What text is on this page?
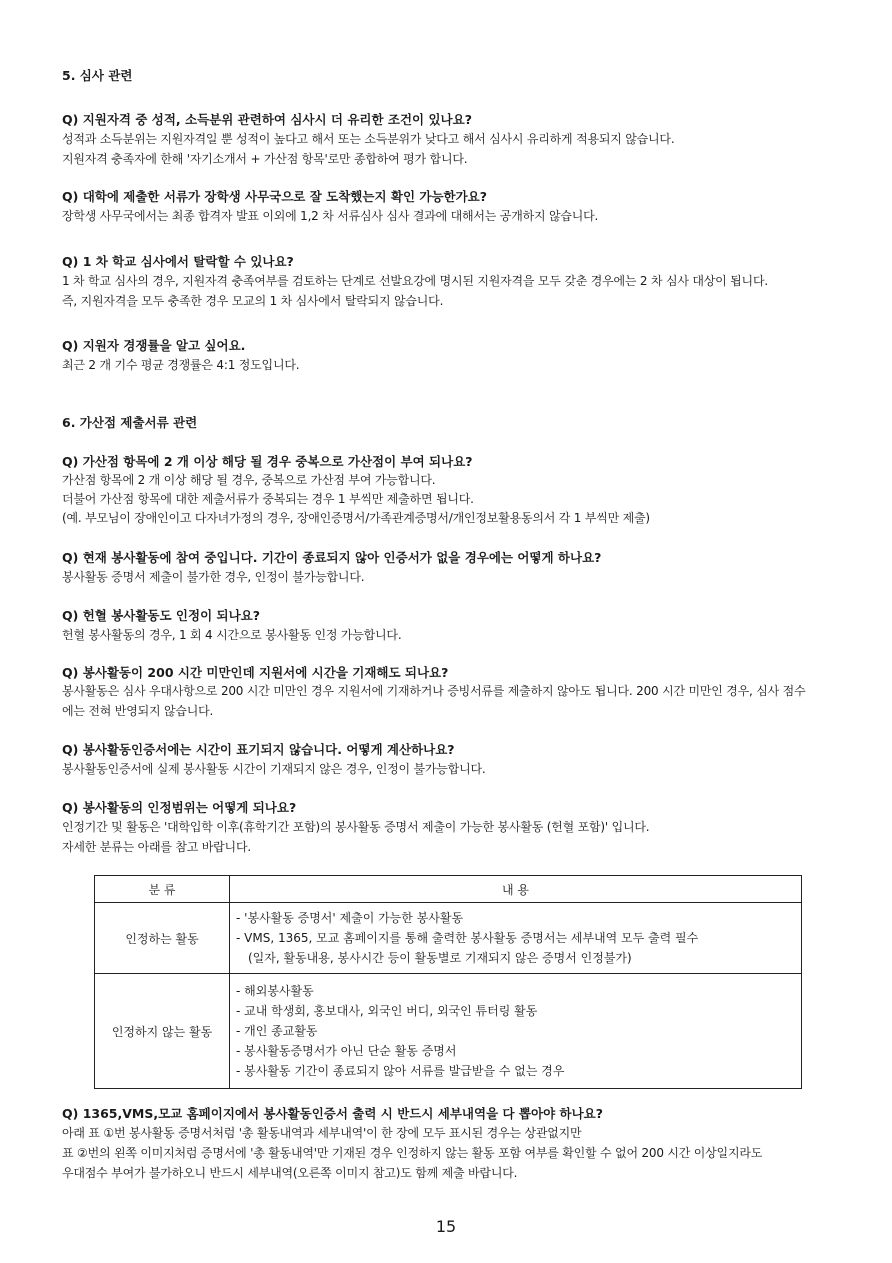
5. 심사 관련
Q) 지원자격 중 성적, 소득분위 관련하여 심사시 더 유리한 조건이 있나요?
성적과 소득분위는 지원자격일 뿐 성적이 높다고 해서 또는 소득분위가 낮다고 해서 심사시 유리하게 적용되지 않습니다.
지원자격 충족자에 한해 '자기소개서 + 가산점 항목'로만 종합하여 평가 합니다.
Q) 대학에 제출한 서류가 장학생 사무국으로 잘 도착했는지 확인 가능한가요?
장학생 사무국에서는 최종 합격자 발표 이외에 1,2 차 서류심사 심사 결과에 대해서는 공개하지 않습니다.
Q) 1 차 학교 심사에서 탈락할 수 있나요?
1 차 학교 심사의 경우, 지원자격 충족여부를 검토하는 단계로 선발요강에 명시된 지원자격을 모두 갖춘 경우에는 2 차 심사 대상이 됩니다.
즉, 지원자격을 모두 충족한 경우 모교의 1 차 심사에서 탈락되지 않습니다.
Q) 지원자 경쟁률을 알고 싶어요.
최근 2 개 기수 평균 경쟁률은 4:1 정도입니다.
6. 가산점 제출서류 관련
Q) 가산점 항목에 2 개 이상 해당 될 경우 중복으로 가산점이 부여 되나요?
가산점 항목에 2 개 이상 해당 될 경우, 중복으로 가산점 부여 가능합니다.
더불어 가산점 항목에 대한 제출서류가 중복되는 경우 1 부씩만 제출하면 됩니다.
(예. 부모님이 장애인이고 다자녀가정의 경우, 장애인증명서/가족관계증명서/개인정보활용동의서 각 1 부씩만 제출)
Q) 현재 봉사활동에 참여 중입니다. 기간이 종료되지 않아 인증서가 없을 경우에는 어떻게 하나요?
봉사활동 증명서 제출이 불가한 경우, 인정이 불가능합니다.
Q) 헌혈 봉사활동도 인정이 되나요?
헌혈 봉사활동의 경우, 1 회 4 시간으로 봉사활동 인정 가능합니다.
Q) 봉사활동이 200 시간 미만인데 지원서에 시간을 기재해도 되나요?
봉사활동은 심사 우대사항으로 200 시간 미만인 경우 지원서에 기재하거나 증빙서류를 제출하지 않아도 됩니다. 200 시간 미만인 경우, 심사 점수에는 전혀 반영되지 않습니다.
Q) 봉사활동인증서에는 시간이 표기되지 않습니다. 어떻게 계산하나요?
봉사활동인증서에 실제 봉사활동 시간이 기재되지 않은 경우, 인정이 불가능합니다.
Q) 봉사활동의 인정범위는 어떻게 되나요?
인정기간 및 활동은 '대학입학 이후(휴학기간 포함)의 봉사활동 증명서 제출이 가능한 봉사활동 (헌혈 포함)' 입니다.
자세한 분류는 아래를 참고 바랍니다.
분 류	내 용
인정하는 활동	- '봉사활동 증명서' 제출이 가능한 봉사활동
- VMS, 1365, 모교 홈페이지를 통해 출력한 봉사활동 증명서는 세부내역 모두 출력 필수
(일자, 활동내용, 봉사시간 등이 활동별로 기재되지 않은 증명서 인정불가)

인정하지 않는 활동	- 해외봉사활동
- 교내 학생회, 홍보대사, 외국인 버디, 외국인 튜터링 활동
- 개인 종교활동
- 봉사활동증명서가 아닌 단순 활동 증명서
- 봉사활동 기간이 종료되지 않아 서류를 발급받을 수 없는 경우
Q) 1365,VMS,모교 홈페이지에서 봉사활동인증서 출력 시 반드시 세부내역을 다 뽑아야 하나요?
아래 표 ①번 봉사활동 증명서처럼 '총 활동내역과 세부내역'이 한 장에 모두 표시된 경우는 상관없지만
표 ②번의 왼쪽 이미지처럼 증명서에 '총 활동내역'만 기재된 경우 인정하지 않는 활동 포함 여부를 확인할 수 없어 200 시간 이상일지라도
우대점수 부여가 불가하오니 반드시 세부내역(오른쪽 이미지 참고)도 함께 제출 바랍니다.
15
